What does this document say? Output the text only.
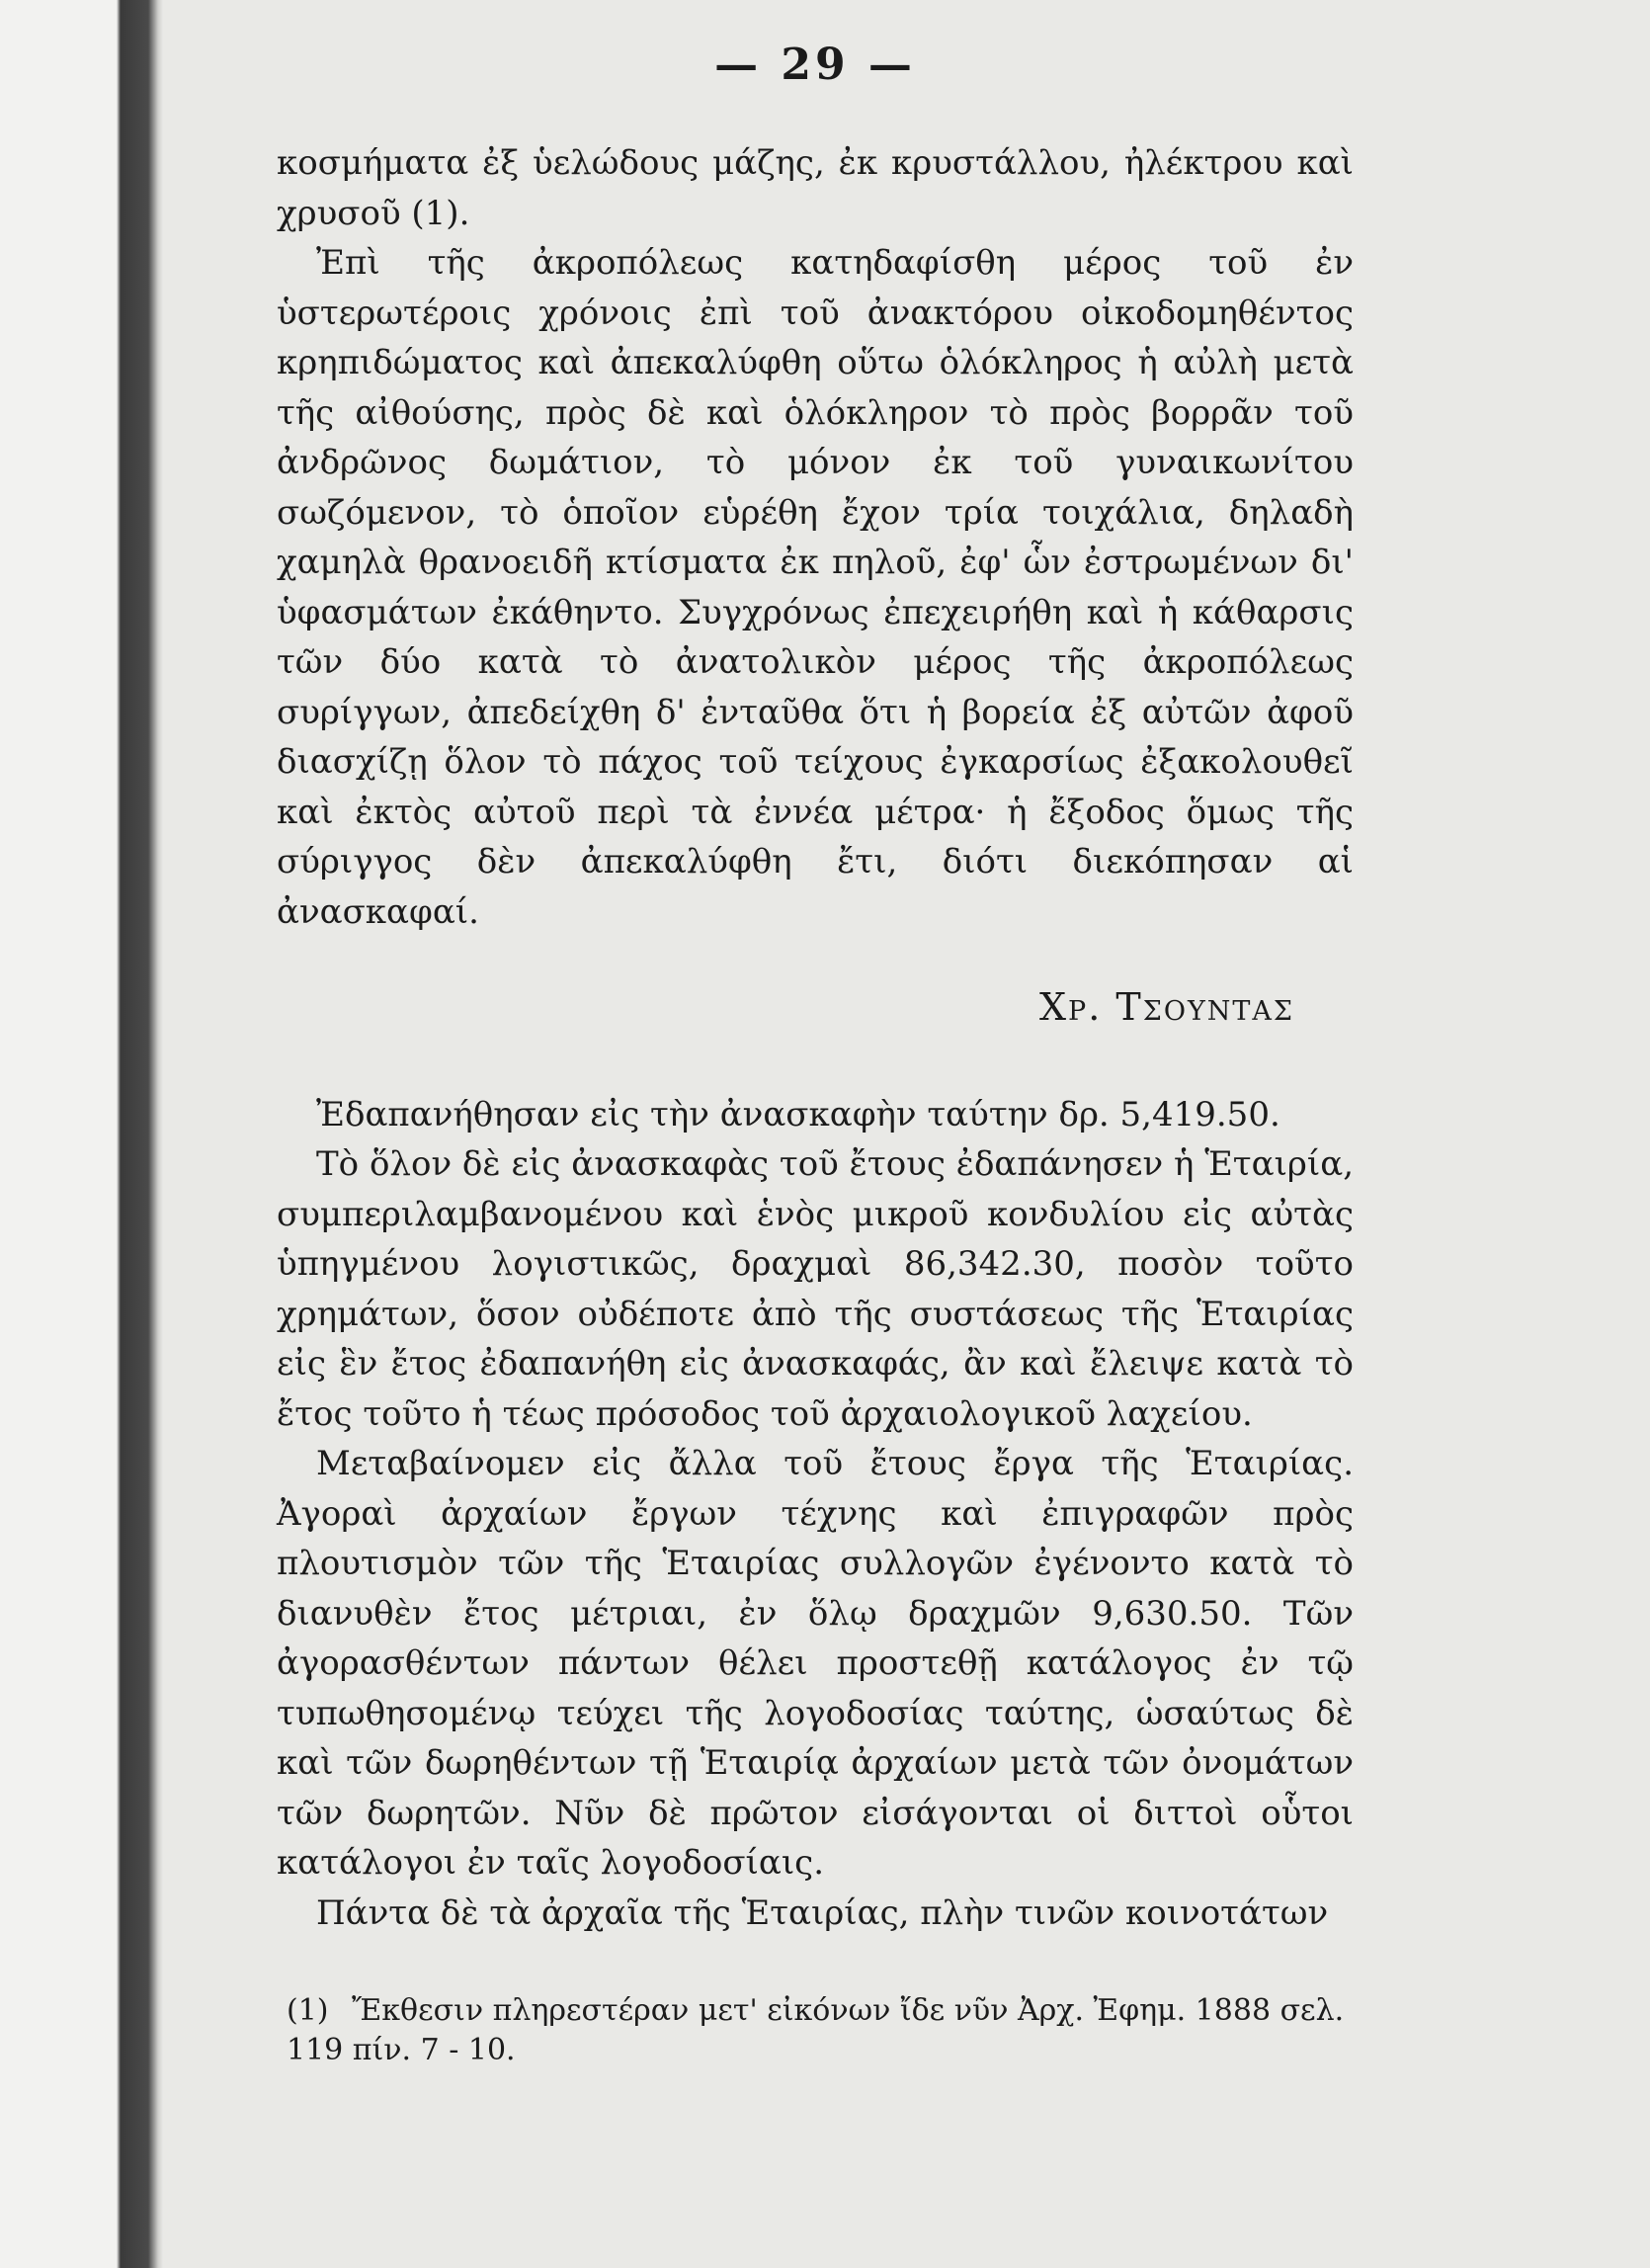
— 29 —

κοσμήματα ἐξ ὑελώδους μάζης, ἐκ κρυστάλλου, ἠλέκτρου καὶ χρυσοῦ (1).

Ἐπὶ τῆς ἀκροπόλεως κατηδαφίσθη μέρος τοῦ ἐν ὑστερωτέροις χρόνοις ἐπὶ τοῦ ἀνακτόρου οἰκοδομηθέντος κρηπιδώματος καὶ ἀπεκαλύφθη οὕτω ὁλόκληρος ἡ αὐλὴ μετὰ τῆς αἰθούσης, πρὸς δὲ καὶ ὁλόκληρον τὸ πρὸς βορρᾶν τοῦ ἀνδρῶνος δωμάτιον, τὸ μόνον ἐκ τοῦ γυναικωνίτου σωζόμενον, τὸ ὁποῖον εὑρέθη ἔχον τρία τοιχάλια, δηλαδὴ χαμηλὰ θρανοειδῆ κτίσματα ἐκ πηλοῦ, ἐφ' ὧν ἐστρωμένων δι' ὑφασμάτων ἐκάθηντο. Συγχρόνως ἐπεχειρήθη καὶ ἡ κάθαρσις τῶν δύο κατὰ τὸ ἀνατολικὸν μέρος τῆς ἀκροπόλεως συρίγγων, ἀπεδείχθη δ' ἐνταῦθα ὅτι ἡ βορεία ἐξ αὐτῶν ἀφοῦ διασχίζῃ ὅλον τὸ πάχος τοῦ τείχους ἐγκαρσίως ἐξακολουθεῖ καὶ ἐκτὸς αὐτοῦ περὶ τὰ ἐννέα μέτρα· ἡ ἔξοδος ὅμως τῆς σύριγγος δὲν ἀπεκαλύφθη ἔτι, διότι διεκόπησαν αἱ ἀνασκαφαί.

Χρ. Τσουντας

Ἐδαπανήθησαν εἰς τὴν ἀνασκαφὴν ταύτην δρ. 5,419.50.

Τὸ ὅλον δὲ εἰς ἀνασκαφὰς τοῦ ἔτους ἐδαπάνησεν ἡ Ἑταιρία, συμπεριλαμβανομένου καὶ ἑνὸς μικροῦ κονδυλίου εἰς αὐτὰς ὑπηγμένου λογιστικῶς, δραχμαὶ 86,342.30, ποσὸν τοῦτο χρημάτων, ὅσον οὐδέποτε ἀπὸ τῆς συστάσεως τῆς Ἑταιρίας εἰς ἓν ἔτος ἐδαπανήθη εἰς ἀνασκαφάς, ἂν καὶ ἔλειψε κατὰ τὸ ἔτος τοῦτο ἡ τέως πρόσοδος τοῦ ἀρχαιολογικοῦ λαχείου.

Μεταβαίνομεν εἰς ἄλλα τοῦ ἔτους ἔργα τῆς Ἑταιρίας. Ἀγοραὶ ἀρχαίων ἔργων τέχνης καὶ ἐπιγραφῶν πρὸς πλουτισμὸν τῶν τῆς Ἑταιρίας συλλογῶν ἐγένοντο κατὰ τὸ διανυθὲν ἔτος μέτριαι, ἐν ὅλῳ δραχμῶν 9,630.50. Τῶν ἀγορασθέντων πάντων θέλει προστεθῇ κατάλογος ἐν τῷ τυπωθησομένῳ τεύχει τῆς λογοδοσίας ταύτης, ὡσαύτως δὲ καὶ τῶν δωρηθέντων τῇ Ἑταιρίᾳ ἀρχαίων μετὰ τῶν ὀνομάτων τῶν δωρητῶν. Νῦν δὲ πρῶτον εἰσάγονται οἱ διττοὶ οὗτοι κατάλογοι ἐν ταῖς λογοδοσίαις.

Πάντα δὲ τὰ ἀρχαῖα τῆς Ἑταιρίας, πλὴν τινῶν κοινοτάτων

(1) Ἔκθεσιν πληρεστέραν μετ' εἰκόνων ἴδε νῦν Ἀρχ. Ἐφημ. 1888 σελ. 119 πίν. 7 - 10.
